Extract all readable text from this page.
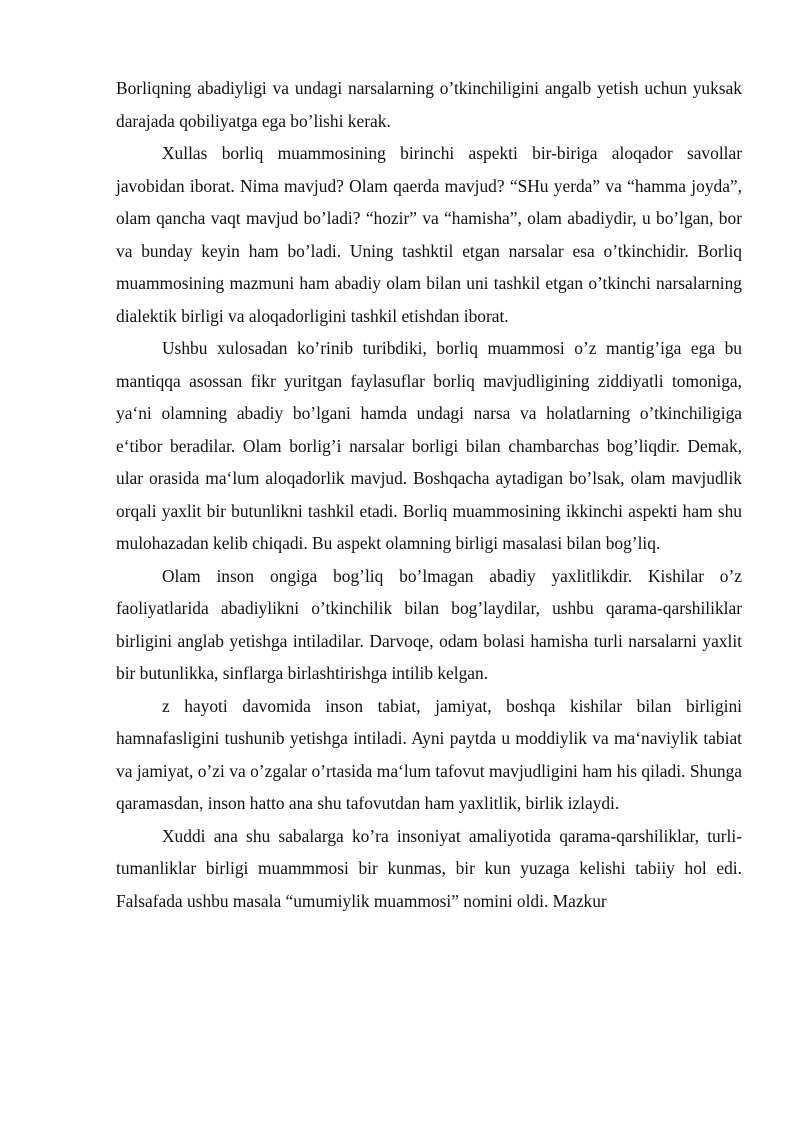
Borliqning abadiyligi va undagi narsalarning o’tkinchiligini angalb yetish uchun yuksak darajada qobiliyatga ega bo’lishi kerak.

Xullas borliq muammosining birinchi aspekti bir-biriga aloqador savollar javobidan iborat. Nima mavjud? Olam qaerda mavjud? “SHu yerda” va “hamma joyda”, olam qancha vaqt mavjud bo’ladi? “hozir” va “hamisha”, olam abadiydir, u bo’lgan, bor va bunday keyin ham bo’ladi. Uning tashktil etgan narsalar esa o’tkinchidir. Borliq muammosining mazmuni ham abadiy olam bilan uni tashkil etgan o’tkinchi narsalarning dialektik birligi va aloqadorligini tashkil etishdan iborat.

Ushbu xulosadan ko’rinib turibdiki, borliq muammosi o’z mantig’iga ega bu mantiqqa asossan fikr yuritgan faylasuflar borliq mavjudligining ziddiyatli tomoniga, ya‘ni olamning abadiy bo’lgani hamda undagi narsa va holatlarning o’tkinchiligiga e‘tibor beradilar. Olam borlig’i narsalar borligi bilan chambarchas bog’liqdir. Demak, ular orasida ma‘lum aloqadorlik mavjud. Boshqacha aytadigan bo’lsak, olam mavjudlik orqali yaxlit bir butunlikni tashkil etadi. Borliq muammosining ikkinchi aspekti ham shu mulohazadan kelib chiqadi. Bu aspekt olamning birligi masalasi bilan bog’liq.

Olam inson ongiga bog’liq bo’lmagan abadiy yaxlitlikdir. Kishilar o’z faoliyatlarida abadiylikni o’tkinchilik bilan bog’laydilar, ushbu qarama-qarshiliklar birligini anglab yetishga intiladilar. Darvoqe, odam bolasi hamisha turli narsalarni yaxlit bir butunlikka, sinflarga birlashtirishga intilib kelgan.

z hayoti davomida inson tabiat, jamiyat, boshqa kishilar bilan birligini hamnafasligini tushunib yetishga intiladi. Ayni paytda u moddiylik va ma‘naviylik tabiat va jamiyat, o’zi va o’zgalar o’rtasida ma‘lum tafovut mavjudligini ham his qiladi. Shunga qaramasdan, inson hatto ana shu tafovutdan ham yaxlitlik, birlik izlaydi.

Xuddi ana shu sabalarga ko’ra insoniyat amaliyotida qarama-qarshiliklar, turli-tumanliklar birligi muammmosi bir kunmas, bir kun yuzaga kelishi tabiiy hol edi. Falsafada ushbu masala “umumiylik muammosi” nomini oldi. Mazkur
